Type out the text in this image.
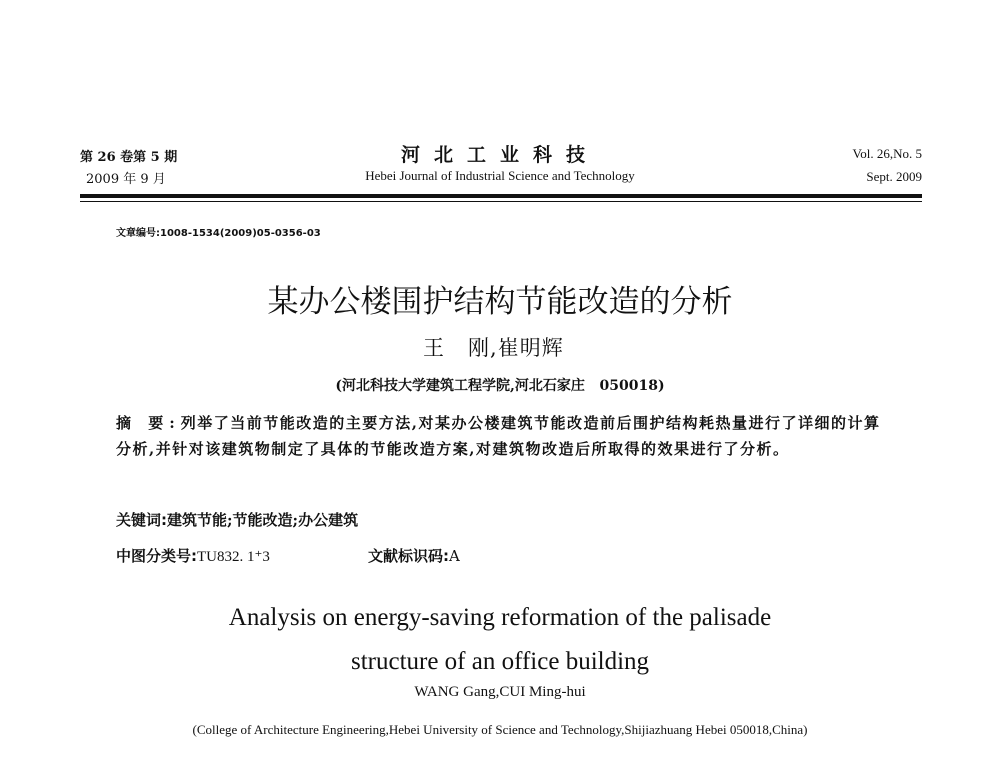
第 26 卷第 5 期
2009 年 9 月
河北工业科技
Hebei Journal of Industrial Science and Technology
Vol. 26,No. 5
Sept. 2009
文章编号:1008-1534(2009)05-0356-03
某办公楼围护结构节能改造的分析
王   刚,崔明辉
(河北科技大学建筑工程学院,河北石家庄   050018)
摘 要:列举了当前节能改造的主要方法,对某办公楼建筑节能改造前后围护结构耗热量进行了详细的计算分析,并针对该建筑物制定了具体的节能改造方案,对建筑物改造后所取得的效果进行了分析。
关键词:建筑节能;节能改造;办公建筑
中图分类号:TU832. 1⁺3	文献标识码:A
Analysis on energy-saving reformation of the palisade
structure of an office building
WANG Gang,CUI Ming-hui
(College of Architecture Engineering,Hebei University of Science and Technology,Shijiazhuang Hebei 050018,China)
